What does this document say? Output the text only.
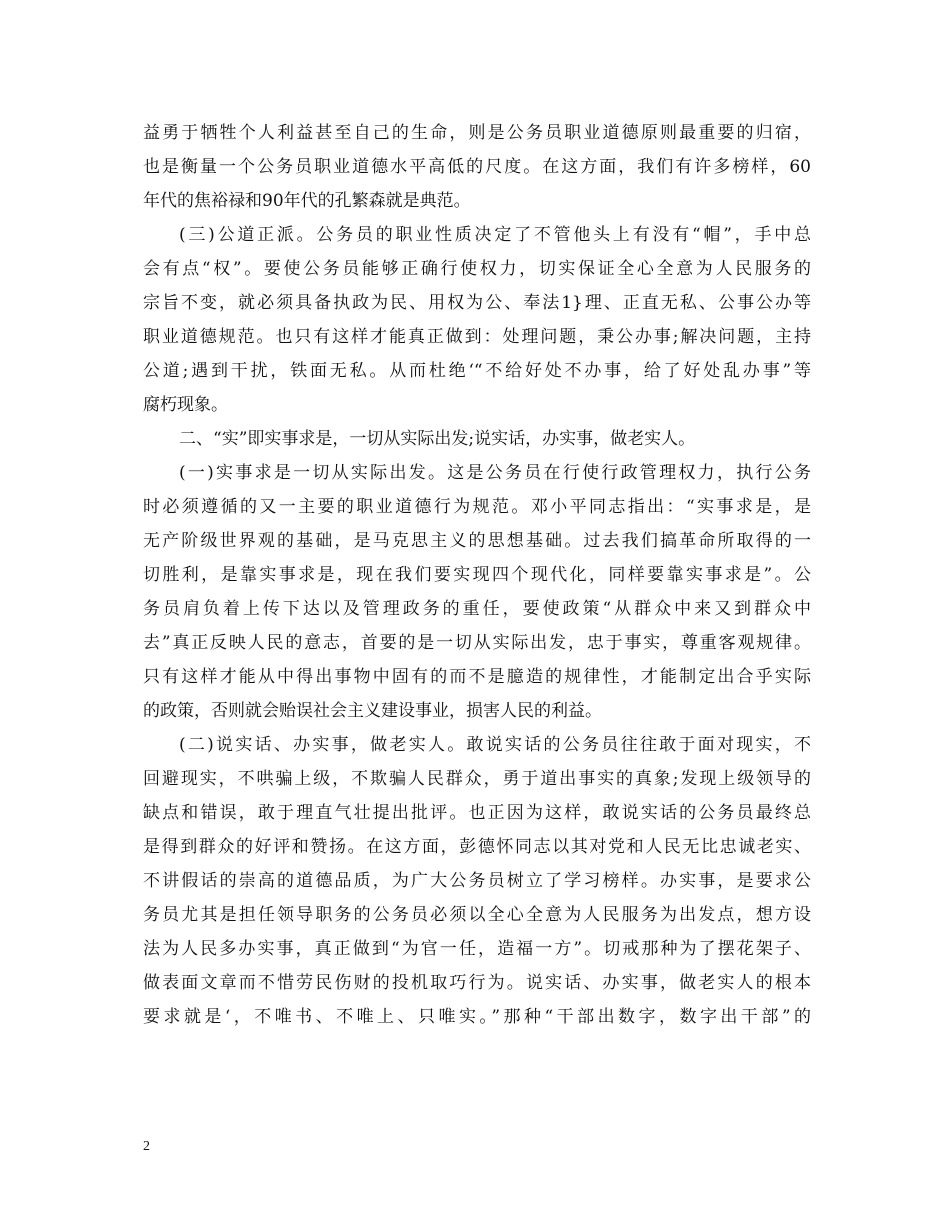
益勇于牺牲个人利益甚至自己的生命，则是公务员职业道德原则最重要的归宿，
也是衡量一个公务员职业道德水平高低的尺度。在这方面，我们有许多榜样，60
年代的焦裕禄和90年代的孔繁森就是典范。
(三)公道正派。公务员的职业性质决定了不管他头上有没有“帽”，手中总
会有点“权”。要使公务员能够正确行使权力，切实保证全心全意为人民服务的
宗旨不变，就必须具备执政为民、用权为公、奉法1}理、正直无私、公事公办等
职业道德规范。也只有这样才能真正做到：处理问题，秉公办事;解决问题，主持
公道;遇到干扰，铁面无私。从而杜绝‘“不给好处不办事，给了好处乱办事”等
腐朽现象。
二、“实”即实事求是，一切从实际出发;说实话，办实事，做老实人。
(一)实事求是一切从实际出发。这是公务员在行使行政管理权力，执行公务
时必须遵循的又一主要的职业道德行为规范。邓小平同志指出：“实事求是，是
无产阶级世界观的基础，是马克思主义的思想基础。过去我们搞革命所取得的一
切胜利，是靠实事求是，现在我们要实现四个现代化，同样要靠实事求是”。公
务员肩负着上传下达以及管理政务的重任，要使政策“从群众中来又到群众中
去”真正反映人民的意志，首要的是一切从实际出发，忠于事实，尊重客观规律。
只有这样才能从中得出事物中固有的而不是臆造的规律性，才能制定出合乎实际
的政策，否则就会贻误社会主义建设事业，损害人民的利益。
(二)说实话、办实事，做老实人。敢说实话的公务员往往敢于面对现实，不
回避现实，不哄骗上级，不欺骗人民群众，勇于道出事实的真象;发现上级领导的
缺点和错误，敢于理直气壮提出批评。也正因为这样，敢说实话的公务员最终总
是得到群众的好评和赞扬。在这方面，彭德怀同志以其对党和人民无比忠诚老实、
不讲假话的崇高的道德品质，为广大公务员树立了学习榜样。办实事，是要求公
务员尤其是担任领导职务的公务员必须以全心全意为人民服务为出发点，想方设
法为人民多办实事，真正做到“为官一任，造福一方”。切戒那种为了摆花架子、
做表面文章而不惜劳民伤财的投机取巧行为。说实话、办实事，做老实人的根本
要求就是‘，不唯书、不唯上、只唯实。”那种“干部出数字，数字出干部”的
2
